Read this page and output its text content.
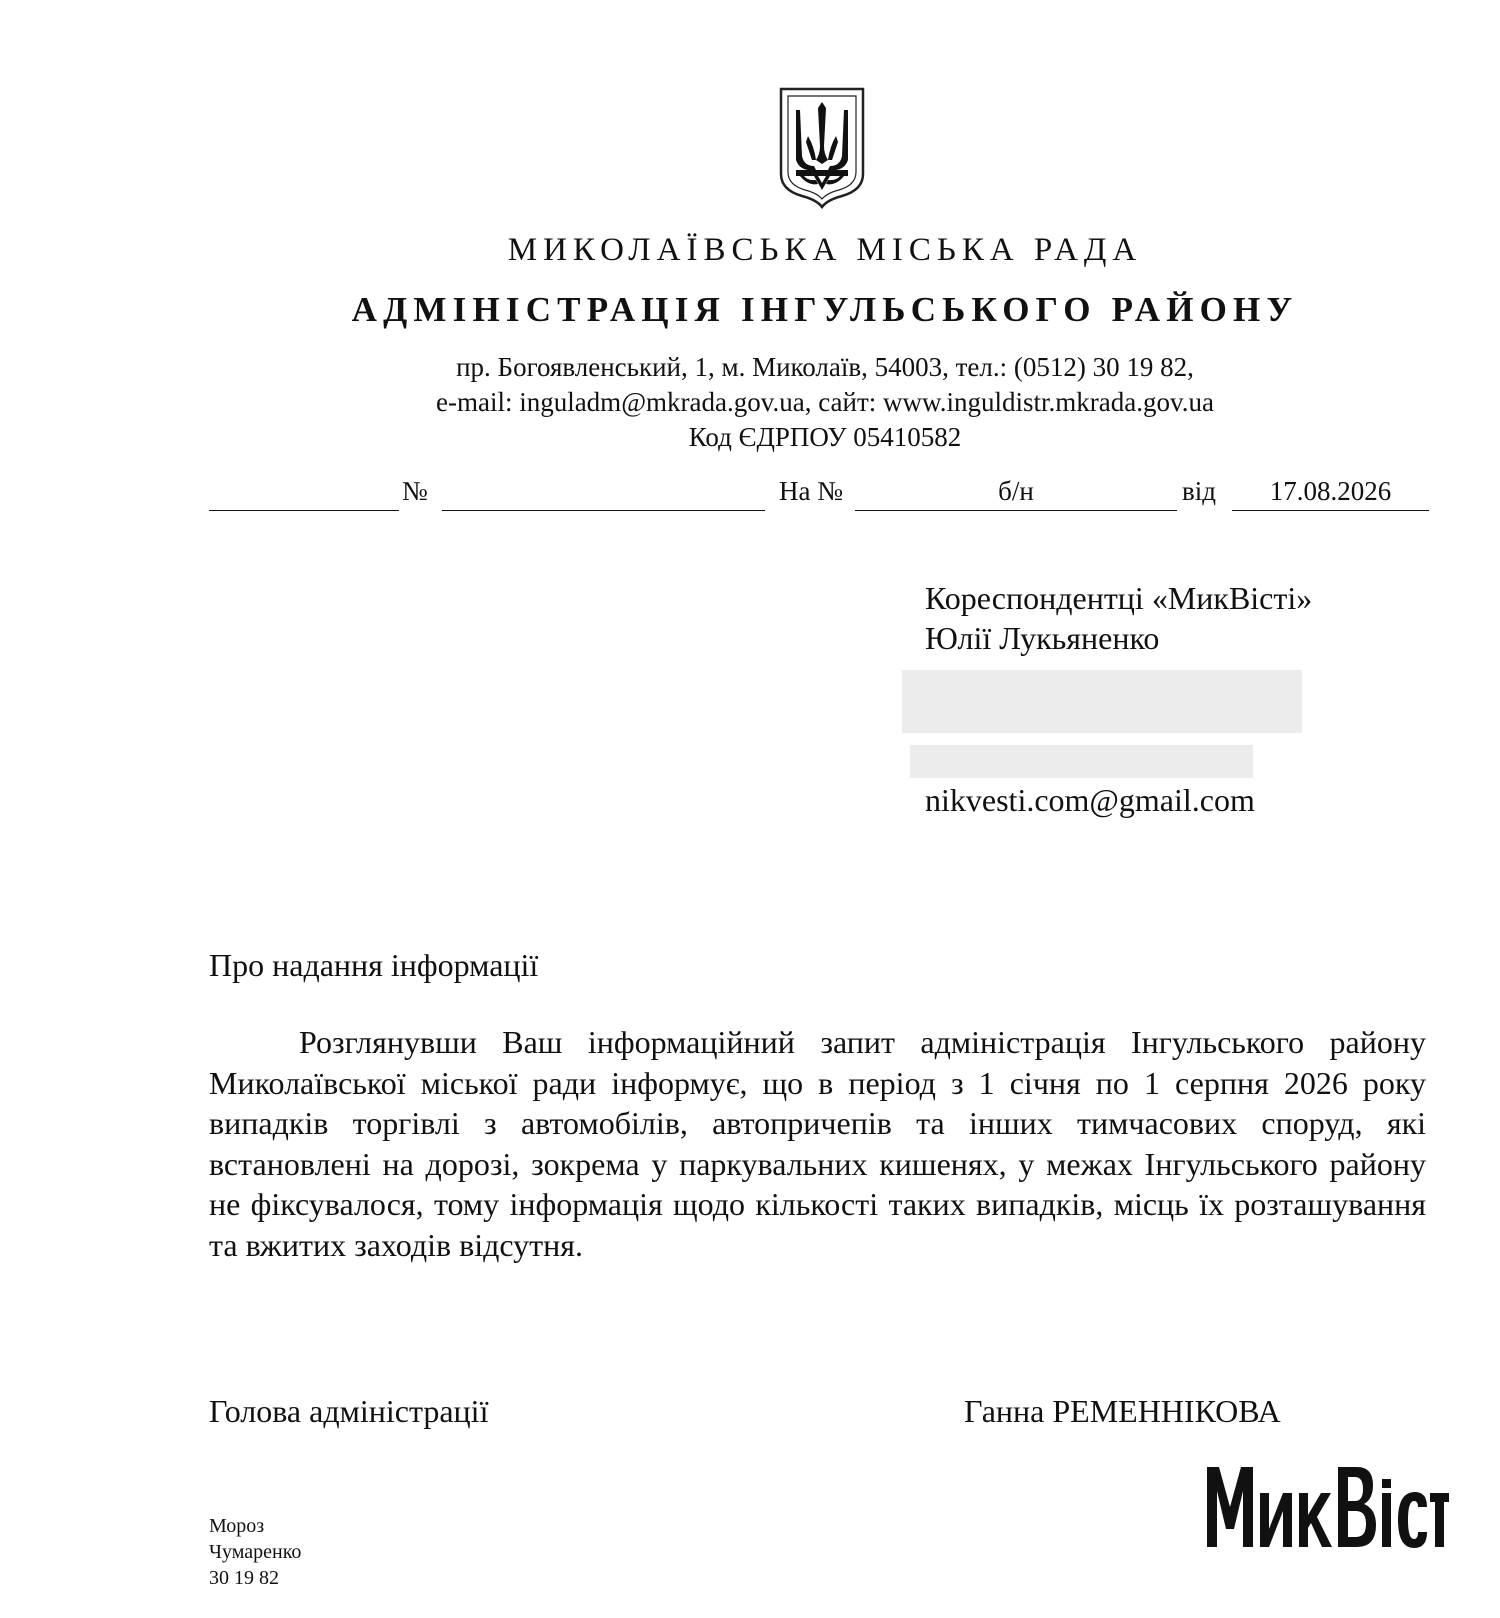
МИКОЛАЇВСЬКА МІСЬКА РАДА
АДМІНІСТРАЦІЯ ІНГУЛЬСЬКОГО РАЙОНУ
пр. Богоявленський, 1, м. Миколаїв, 54003, тел.: (0512) 30 19 82,
e-mail: inguladm@mkrada.gov.ua, сайт: www.inguldistr.mkrada.gov.ua
Код ЄДРПОУ 05410582
№	На №	б/н	від	17.08.2026
Кореспондентці «МикВісті»
Юлії Лукьяненко
nikvesti.com@gmail.com
Про надання інформації

Розглянувши Ваш інформаційний запит адміністрація Інгульського району Миколаївської міської ради інформує, що в період з 1 січня по 1 серпня 2026 року випадків торгівлі з автомобілів, автопричепів та інших тимчасових споруд, які встановлені на дорозі, зокрема у паркувальних кишенях, у межах Інгульського району не фіксувалося, тому інформація щодо кількості таких випадків, місць їх розташування та вжитих заходів відсутня.

Голова адміністрації	Ганна РЕМЕННІКОВА
Мороз
Чумаренко
30 19 82
